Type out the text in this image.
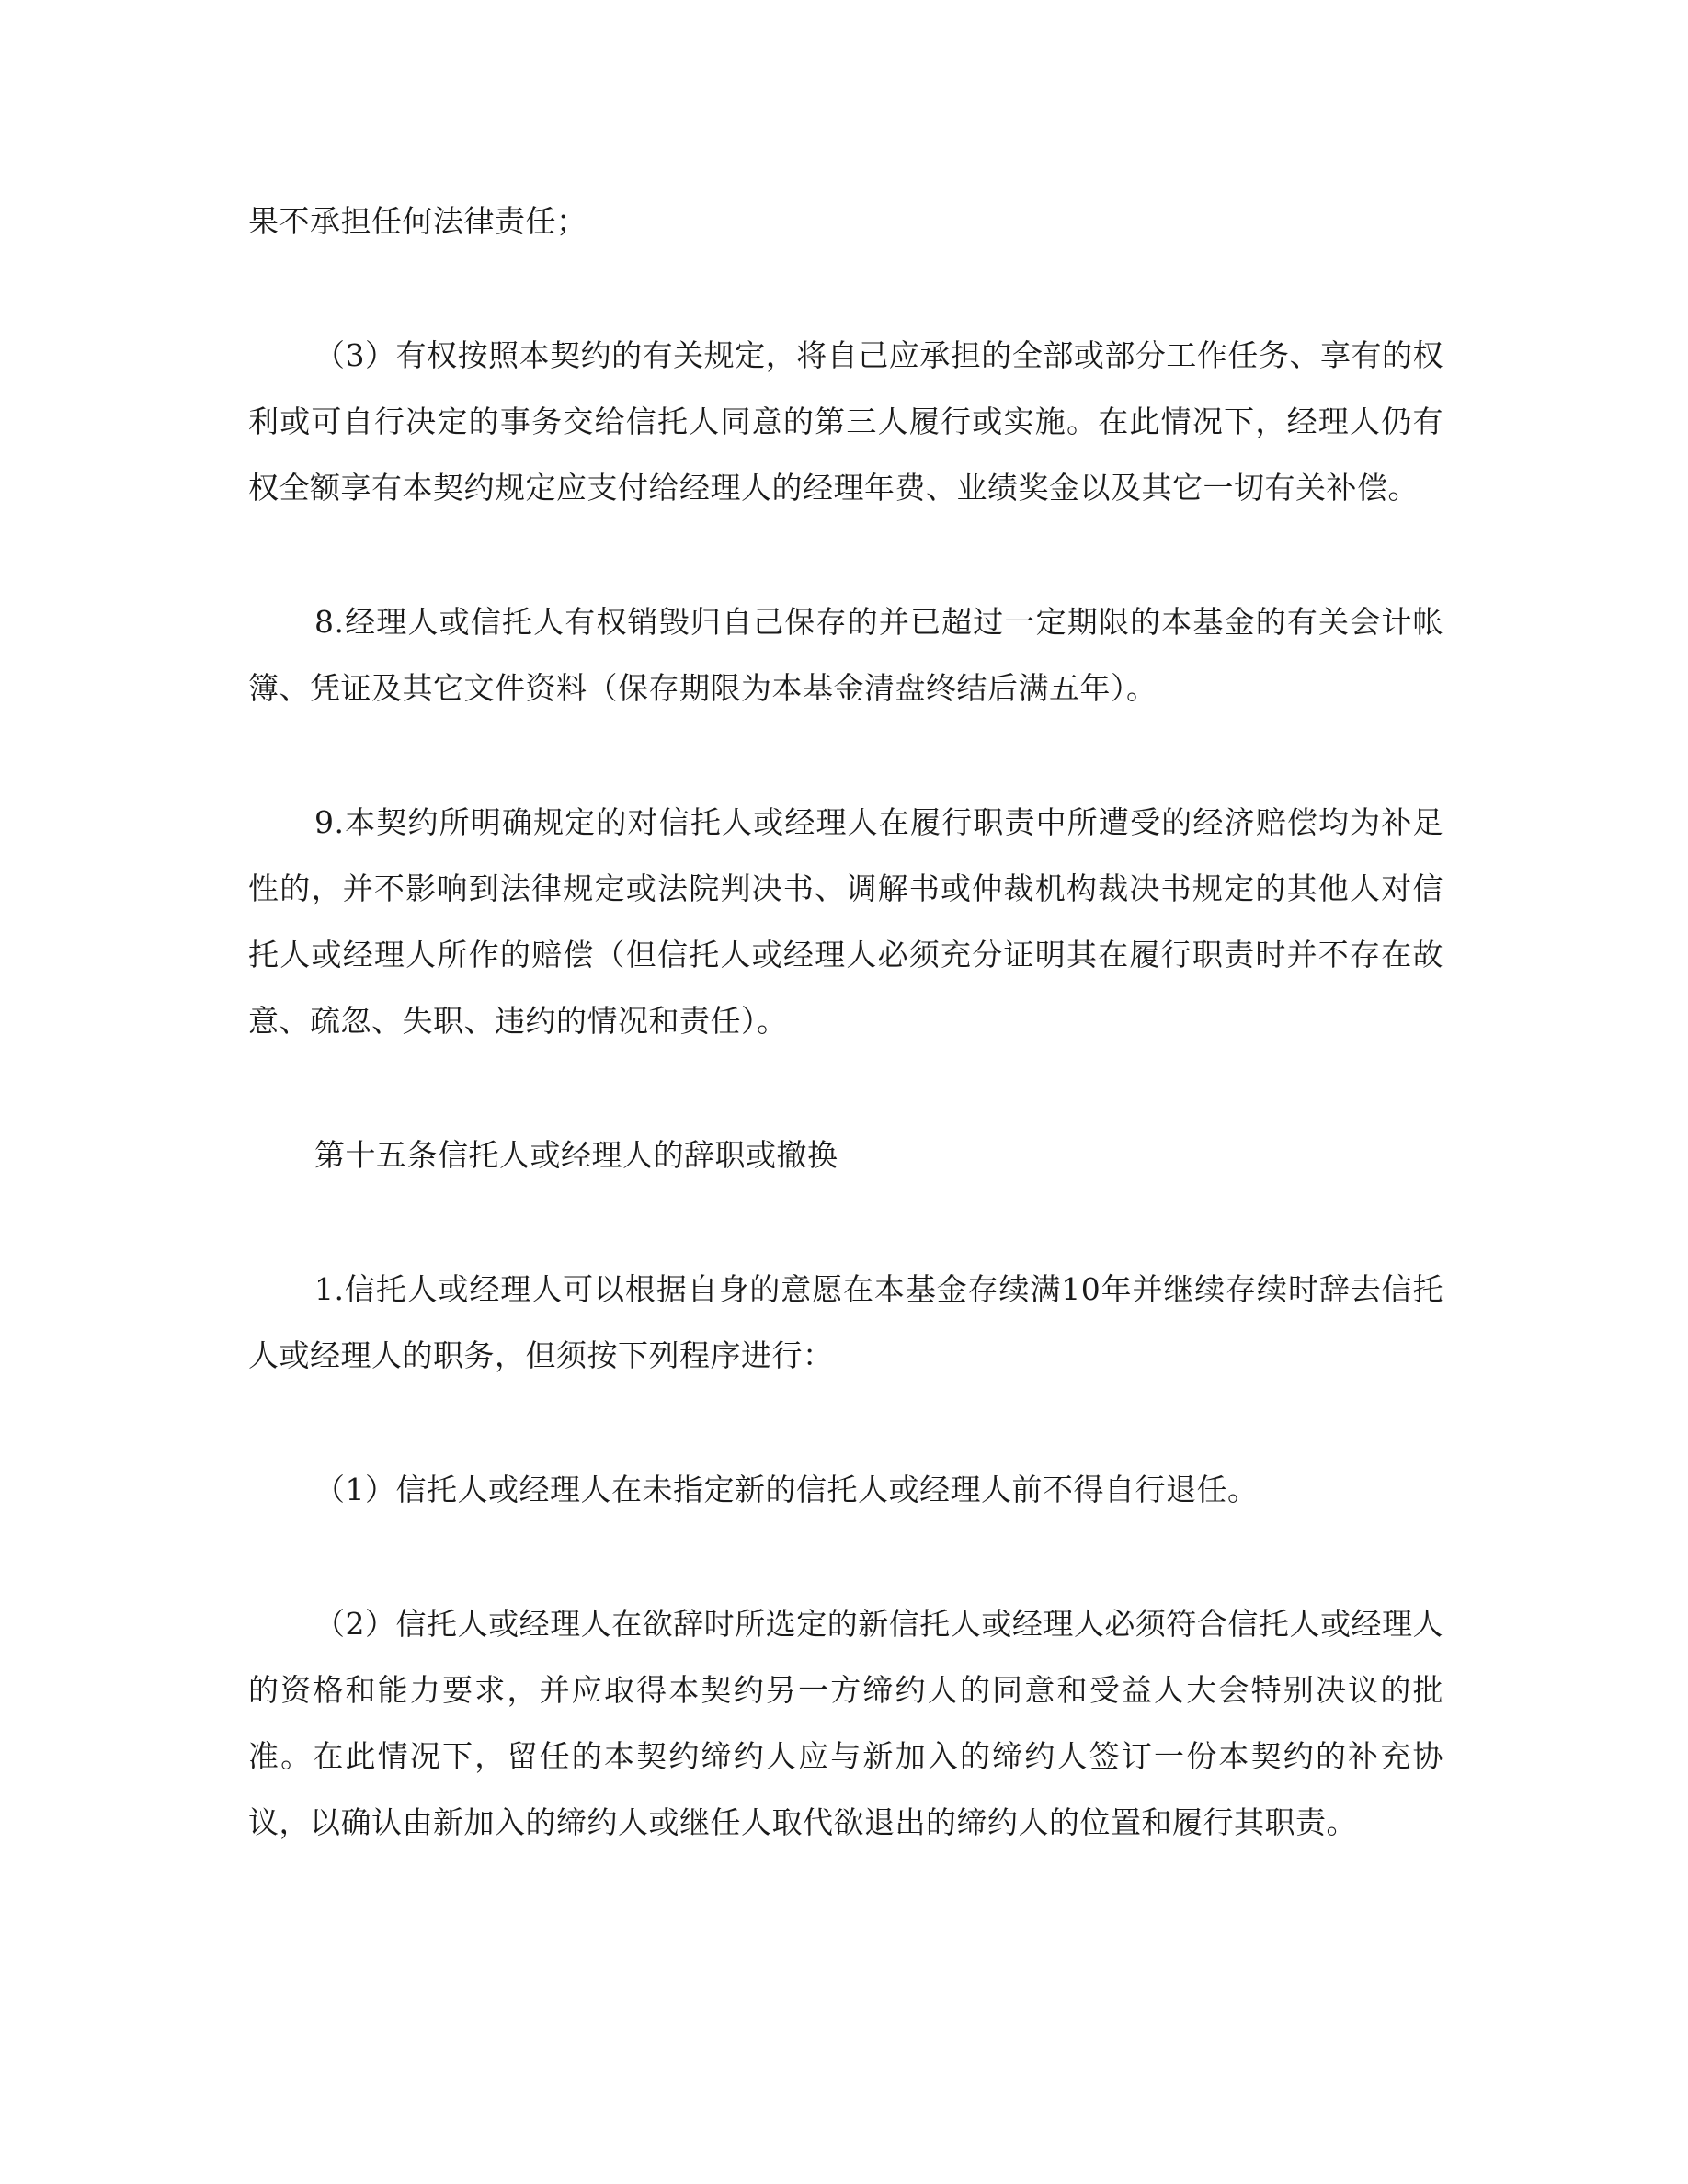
果不承担任何法律责任；

（3）有权按照本契约的有关规定，将自己应承担的全部或部分工作任务、享有的权利或可自行决定的事务交给信托人同意的第三人履行或实施。在此情况下，经理人仍有权全额享有本契约规定应支付给经理人的经理年费、业绩奖金以及其它一切有关补偿。

8.经理人或信托人有权销毁归自己保存的并已超过一定期限的本基金的有关会计帐簿、凭证及其它文件资料（保存期限为本基金清盘终结后满五年）。

9.本契约所明确规定的对信托人或经理人在履行职责中所遭受的经济赔偿均为补足性的，并不影响到法律规定或法院判决书、调解书或仲裁机构裁决书规定的其他人对信托人或经理人所作的赔偿（但信托人或经理人必须充分证明其在履行职责时并不存在故意、疏忽、失职、违约的情况和责任）。

第十五条信托人或经理人的辞职或撤换

1.信托人或经理人可以根据自身的意愿在本基金存续满10年并继续存续时辞去信托人或经理人的职务，但须按下列程序进行：

（1）信托人或经理人在未指定新的信托人或经理人前不得自行退任。

（2）信托人或经理人在欲辞时所选定的新信托人或经理人必须符合信托人或经理人的资格和能力要求，并应取得本契约另一方缔约人的同意和受益人大会特别决议的批准。在此情况下，留任的本契约缔约人应与新加入的缔约人签订一份本契约的补充协议，以确认由新加入的缔约人或继任人取代欲退出的缔约人的位置和履行其职责。
